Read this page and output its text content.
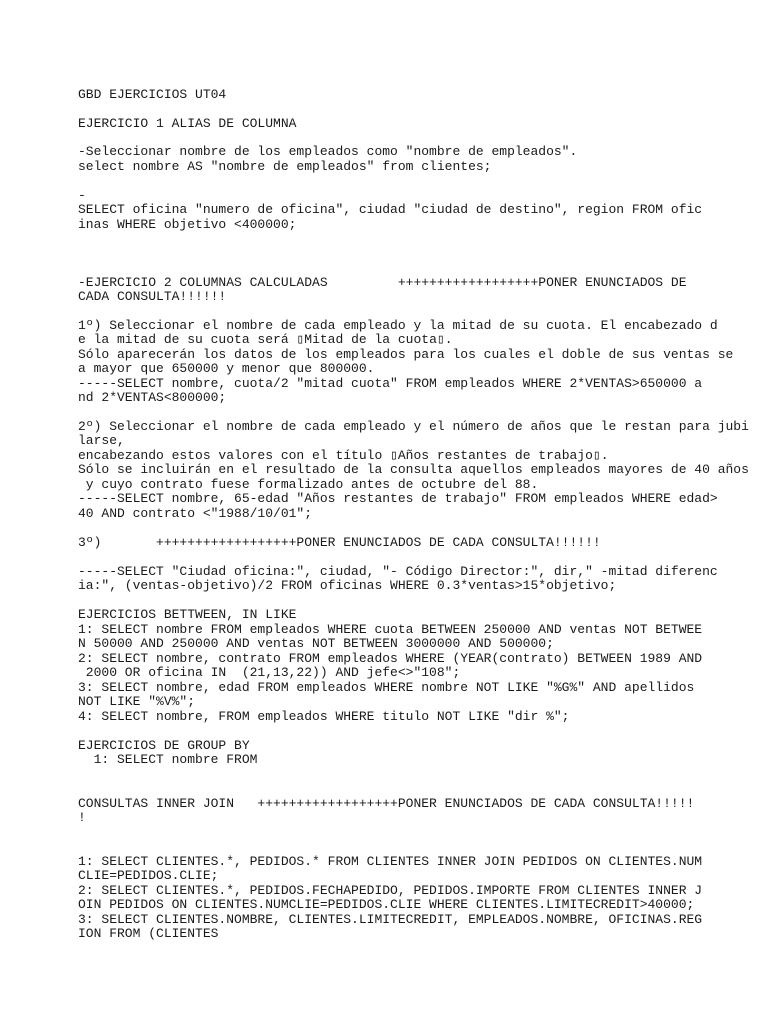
GBD EJERCICIOS UT04

EJERCICIO 1 ALIAS DE COLUMNA

-Seleccionar nombre de los empleados como "nombre de empleados".

select nombre AS "nombre de empleados" from clientes;

-

SELECT oficina "numero de oficina", ciudad "ciudad de destino", region FROM ofic

inas WHERE objetivo <400000;

-EJERCICIO 2 COLUMNAS CALCULADAS         ++++++++++++++++++PONER ENUNCIADOS DE

CADA CONSULTA!!!!!!

1º) Seleccionar el nombre de cada empleado y la mitad de su cuota. El encabezado d

e la mitad de su cuota será ▯Mitad de la cuota▯.

Sólo aparecerán los datos de los empleados para los cuales el doble de sus ventas se

a mayor que 650000 y menor que 800000.

-----SELECT nombre, cuota/2 "mitad cuota" FROM empleados WHERE 2*VENTAS>650000 a

nd 2*VENTAS<800000;

2º) Seleccionar el nombre de cada empleado y el número de años que le restan para jubi

larse,

encabezando estos valores con el título ▯Años restantes de trabajo▯.

Sólo se incluirán en el resultado de la consulta aquellos empleados mayores de 40 años

y cuyo contrato fuese formalizado antes de octubre del 88.

-----SELECT nombre, 65-edad "Años restantes de trabajo" FROM empleados WHERE edad>

40 AND contrato <"1988/10/01";

3º)       ++++++++++++++++++PONER ENUNCIADOS DE CADA CONSULTA!!!!!!

-----SELECT "Ciudad oficina:", ciudad, "- Código Director:", dir," -mitad diferenc

ia:", (ventas-objetivo)/2 FROM oficinas WHERE 0.3*ventas>15*objetivo;

EJERCICIOS BETTWEEN, IN LIKE

1: SELECT nombre FROM empleados WHERE cuota BETWEEN 250000 AND ventas NOT BETWEE

N 50000 AND 250000 AND ventas NOT BETWEEN 3000000 AND 500000;

2: SELECT nombre, contrato FROM empleados WHERE (YEAR(contrato) BETWEEN 1989 AND

2000 OR oficina IN  (21,13,22)) AND jefe<>"108";

3: SELECT nombre, edad FROM empleados WHERE nombre NOT LIKE "%G%" AND apellidos

NOT LIKE "%V%";

4: SELECT nombre, FROM empleados WHERE titulo NOT LIKE "dir %";

EJERCICIOS DE GROUP BY

1: SELECT nombre FROM

CONSULTAS INNER JOIN   ++++++++++++++++++PONER ENUNCIADOS DE CADA CONSULTA!!!!!

!

1: SELECT CLIENTES.*, PEDIDOS.* FROM CLIENTES INNER JOIN PEDIDOS ON CLIENTES.NUM

CLIE=PEDIDOS.CLIE;

2: SELECT CLIENTES.*, PEDIDOS.FECHAPEDIDO, PEDIDOS.IMPORTE FROM CLIENTES INNER J

OIN PEDIDOS ON CLIENTES.NUMCLIE=PEDIDOS.CLIE WHERE CLIENTES.LIMITECREDIT>40000;

3: SELECT CLIENTES.NOMBRE, CLIENTES.LIMITECREDIT, EMPLEADOS.NOMBRE, OFICINAS.REG

ION FROM (CLIENTES
